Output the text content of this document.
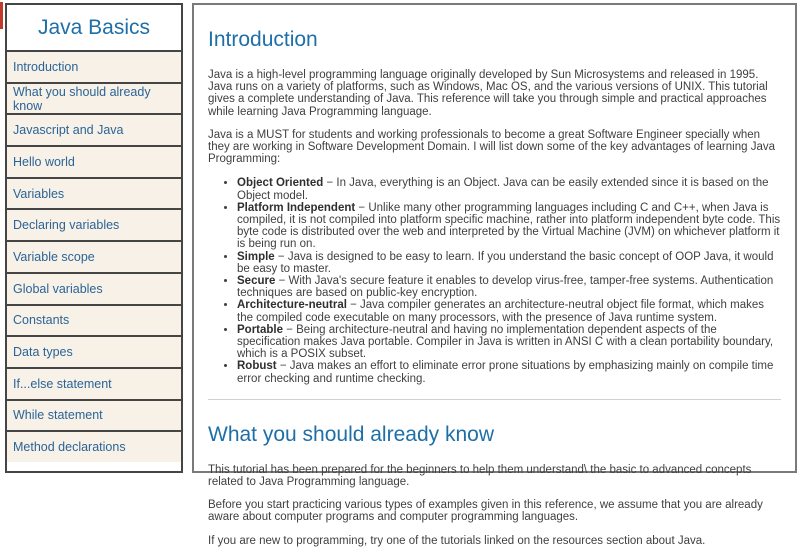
Java Basics
Introduction
What you should already know
Javascript and Java
Hello world
Variables
Declaring variables
Variable scope
Global variables
Constants
Data types
If...else statement
While statement
Method declarations
Introduction

Java is a high-level programming language originally developed by Sun Microsystems and released in 1995. Java runs on a variety of platforms, such as Windows, Mac OS, and the various versions of UNIX. This tutorial gives a complete understanding of Java. This reference will take you through simple and practical approaches while learning Java Programming language.

Java is a MUST for students and working professionals to become a great Software Engineer specially when they are working in Software Development Domain. I will list down some of the key advantages of learning Java Programming:

• Object Oriented − In Java, everything is an Object. Java can be easily extended since it is based on the Object model.
• Platform Independent − Unlike many other programming languages including C and C++, when Java is compiled, it is not compiled into platform specific machine, rather into platform independent byte code. This byte code is distributed over the web and interpreted by the Virtual Machine (JVM) on whichever platform it is being run on.
• Simple − Java is designed to be easy to learn. If you understand the basic concept of OOP Java, it would be easy to master.
• Secure − With Java's secure feature it enables to develop virus-free, tamper-free systems. Authentication techniques are based on public-key encryption.
• Architecture-neutral − Java compiler generates an architecture-neutral object file format, which makes the compiled code executable on many processors, with the presence of Java runtime system.
• Portable − Being architecture-neutral and having no implementation dependent aspects of the specification makes Java portable. Compiler in Java is written in ANSI C with a clean portability boundary, which is a POSIX subset.
• Robust − Java makes an effort to eliminate error prone situations by emphasizing mainly on compile time error checking and runtime checking.
What you should already know

This tutorial has been prepared for the beginners to help them understand\ the basic to advanced concepts related to Java Programming language.

Before you start practicing various types of examples given in this reference, we assume that you are already aware about computer programs and computer programming languages.

If you are new to programming, try one of the tutorials linked on the resources section about Java.
